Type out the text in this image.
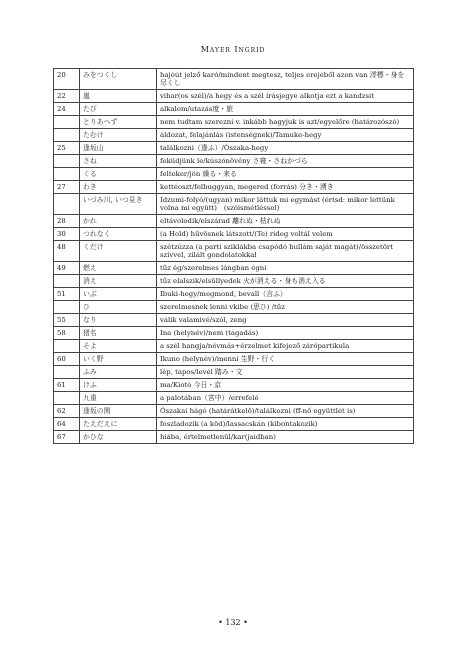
Mayer Ingrid
20	みをつくし	hajóút jelző karó/mindent megtesz, teljes erejéből azon van 澪標・身を尽くし
22	嵐	vihar(os szél)/a hegy és a szél írásjegye alkotja ezt a kandzsit
24	たび	alkalom/utazás度・旅
	とりあへず	nem tudtam szerezni v. inkább hagyjuk is azt/egyelőre (határozószó)
	たむけ	áldozat, felajánlás (istenségnek)/Tamuke-hegy
25	逢坂山	találkozni（逢ふ）/Ószaka-hegy
	さね	feküdjünk le/kúszónövény さ寝・さねかづら
	くる	felteker/jön 繰る・来る
27	わき	kettéoszt/felbuggyan, megered (forrás) 分き・湧き
	いづみ川, いつ見き	Idzumi-folyó/(ugyan) mikor láttuk mi egymást (értsd: mikor lettünk volna mi együtt)　(szóismétléssel)
28	かれ	eltávolodik/elszárad 離れぬ・枯れぬ
30	つれなく	(a Hold) hűvösnek látszott/(Te) rideg voltál velem
48	くだけ	szétzúzza (a parti sziklákba csapódó hullám saját magát)/összetört szívvel, zilált gondolatokkal
49	燃え	tűz ég/szerelmes lángban égni
	消え	tűz elalszik/elsüllyedek 火が消える・身も消え入る
51	いぶ	Ibuki-hegy/megmond, bevall（言ふ）
	ひ	szerelmesnek lenni vkibe (思ひ) /tűz
55	なり	válik valamivé/szól, zeng
58	猪名	Ina (helynév)/nem (tagadás)
	そよ	a szél hangja/névmás+érzelmet kifejező zárópartikula
60	いく野	Ikuno (helynév)/menni 生野・行く
	ふみ	lép, tapos/levél 踏み・文
61	けふ	ma/Kiotó 今日・京
	九重	a palotában（宮中）/errefelé
62	逢坂の関	Ószakai hágó (határátkelő)/találkozni (ff-nő együttlét is)
64	たえだえに	foszladozik (a köd)/lassacskán (kibontakozik)
67	かひな	hiába, értelmetlenül/kar(jaidban)
• 132 •
